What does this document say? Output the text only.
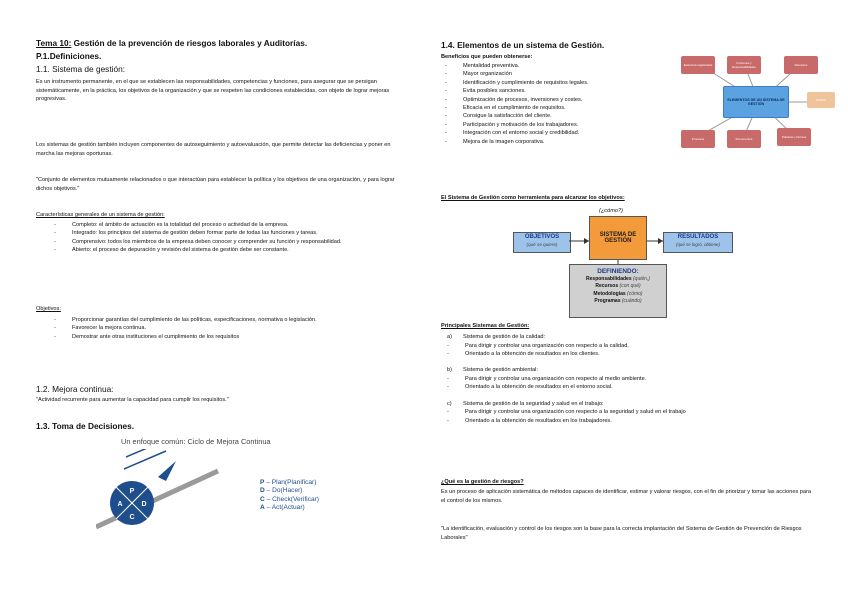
Tema 10: Gestión de la prevención de riesgos laborales y Auditorías.
P.1.Definiciones.
1.1. Sistema de gestión:
Es un instrumento permanente, en el que se establecen las responsabilidades, competencias y funciones, para asegurar que se persigan sistemáticamente, en la práctica, los objetivos de la organización y que se respeten las condiciones establecidas, con objeto de lograr mejoras progresivas.
Los sistemas de gestión también incluyen componentes de autoseguimiento y autoevaluación, que permite detectar las deficiencias y poner en marcha las mejoras oportunas.
"Conjunto de elementos mutuamente relacionados o que interactúan para establecer la política y los objetivos de una organización, y para lograr dichos objetivos."
Características generales de un sistema de gestión:
- Completo: el ámbito de actuación es la totalidad del proceso o actividad de la empresa.
- Integrado: los principios del sistema de gestión deben formar parte de todas las funciones y tareas.
- Comprensivo: todos los miembros de la empresa deben conocer y comprender su función y responsabilidad.
- Abierto: el proceso de depuración y revisión del sistema de gestión debe ser constante.
Objetivos:
- Proporcionar garantías del cumplimiento de las políticas, especificaciones, normativa o legislación.
- Favorecer la mejora continua.
- Demostrar ante otras instituciones el cumplimiento de los requisitos
1.2. Mejora continua:
"Actividad recurrente para aumentar la capacidad para cumplir los requisitos."
1.3. Toma de Decisiones.
Un enfoque común: Ciclo de Mejora Continua
P
D
C
A
P – Plan(Planificar)
D – Do(Hacer)
C – Check(Verificar)
A – Act(Actuar)
1.4. Elementos de un sistema de Gestión.
Beneficios que pueden obtenerse:
- Mentalidad preventiva.
- Mayor organización
- Identificación y cumplimiento de requisitos legales.
- Evita posibles sanciones.
- Optimización de procesos, inversiones y costes.
- Eficacia en el cumplimiento de requisitos.
- Consigue la satisfacción del cliente.
- Participación y motivación de los trabajadores.
- Integración con el entorno social y credibilidad.
- Mejora de la imagen corporativa.
Estructura organizativa	Funciones y Responsabilidades	Recursos
Política
ELEMENTOS DE UN SISTEMA DE GESTIÓN
Procesos	Documentos	Prácticas y Normas
El Sistema de Gestión como herramienta para alcanzar los objetivos:
(¿cómo?)
OBJETIVOS
(qué se quiere)
SISTEMA DE GESTIÓN
RESULTADOS
(qué se logró, obtiene)
DEFINIENDO:
Responsabilidades (quién,)
Recursos (con qué)
Metodologías (cómo)
Programas (cuándo)
Principales Sistemas de Gestión:
a) Sistema de gestión de la calidad:
- Para dirigir y controlar una organización con respecto a la calidad.
- Orientado a la obtención de resultados en los clientes.
b) Sistema de gestión ambiental:
- Para dirigir y controlar una organización con respecto al medio ambiente.
- Orientado a la obtención de resultados en el entorno social.
c) Sistema de gestión de la seguridad y salud en el trabajo:
- Para dirigir y controlar una organización con respecto a la seguridad y salud en el trabajo
- Orientado a la obtención de resultados en los trabajadores.
¿Qué es la gestión de riesgos?
Es un proceso de aplicación sistemática de métodos capaces de identificar, estimar y valorar riesgos, con el fin de priorizar y tomar las acciones para el control de los mismos.
"La identificación, evaluación y control de los riesgos son la base para la correcta implantación del Sistema de Gestión de Prevención de Riesgos Laborales"
